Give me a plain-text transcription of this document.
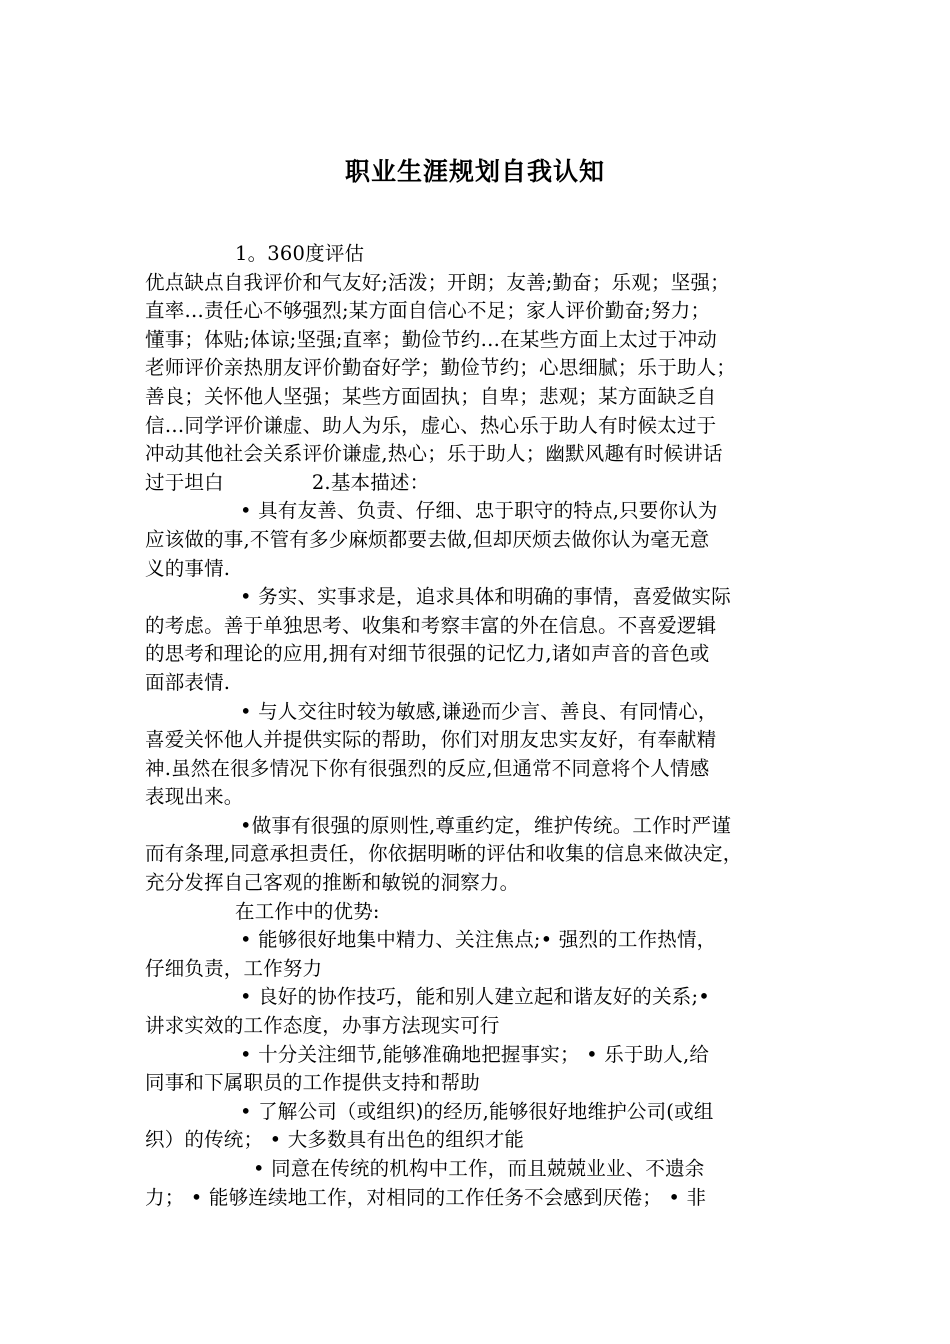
职业生涯规划自我认知
1。360度评估
优点缺点自我评价和气友好;活泼；开朗；友善;勤奋；乐观；坚强；
直率…责任心不够强烈;某方面自信心不足；家人评价勤奋;努力；
懂事；体贴;体谅;坚强;直率；勤俭节约…在某些方面上太过于冲动
老师评价亲热朋友评价勤奋好学；勤俭节约；心思细腻；乐于助人；
善良；关怀他人坚强；某些方面固执；自卑；悲观；某方面缺乏自
信…同学评价谦虚、助人为乐，虚心、热心乐于助人有时候太过于
冲动其他社会关系评价谦虚,热心；乐于助人；幽默风趣有时候讲话
过于坦白	2.基本描述：
• 具有友善、负责、仔细、忠于职守的特点,只要你认为
应该做的事,不管有多少麻烦都要去做,但却厌烦去做你认为毫无意
义的事情.
• 务实、实事求是，追求具体和明确的事情，喜爱做实际
的考虑。善于单独思考、收集和考察丰富的外在信息。不喜爱逻辑
的思考和理论的应用,拥有对细节很强的记忆力,诸如声音的音色或
面部表情.
• 与人交往时较为敏感,谦逊而少言、善良、有同情心，
喜爱关怀他人并提供实际的帮助，你们对朋友忠实友好，有奉献精
神.虽然在很多情况下你有很强烈的反应,但通常不同意将个人情感
表现出来。
•做事有很强的原则性,尊重约定，维护传统。工作时严谨
而有条理,同意承担责任，你依据明晰的评估和收集的信息来做决定，
充分发挥自己客观的推断和敏锐的洞察力。
在工作中的优势:
• 能够很好地集中精力、关注焦点;• 强烈的工作热情，
仔细负责，工作努力
• 良好的协作技巧，能和别人建立起和谐友好的关系;•
讲求实效的工作态度，办事方法现实可行
• 十分关注细节,能够准确地把握事实； • 乐于助人,给
同事和下属职员的工作提供支持和帮助
• 了解公司（或组织)的经历,能够很好地维护公司(或组
织）的传统； • 大多数具有出色的组织才能
• 同意在传统的机构中工作，而且兢兢业业、不遗余
力； • 能够连续地工作，对相同的工作任务不会感到厌倦； • 非
